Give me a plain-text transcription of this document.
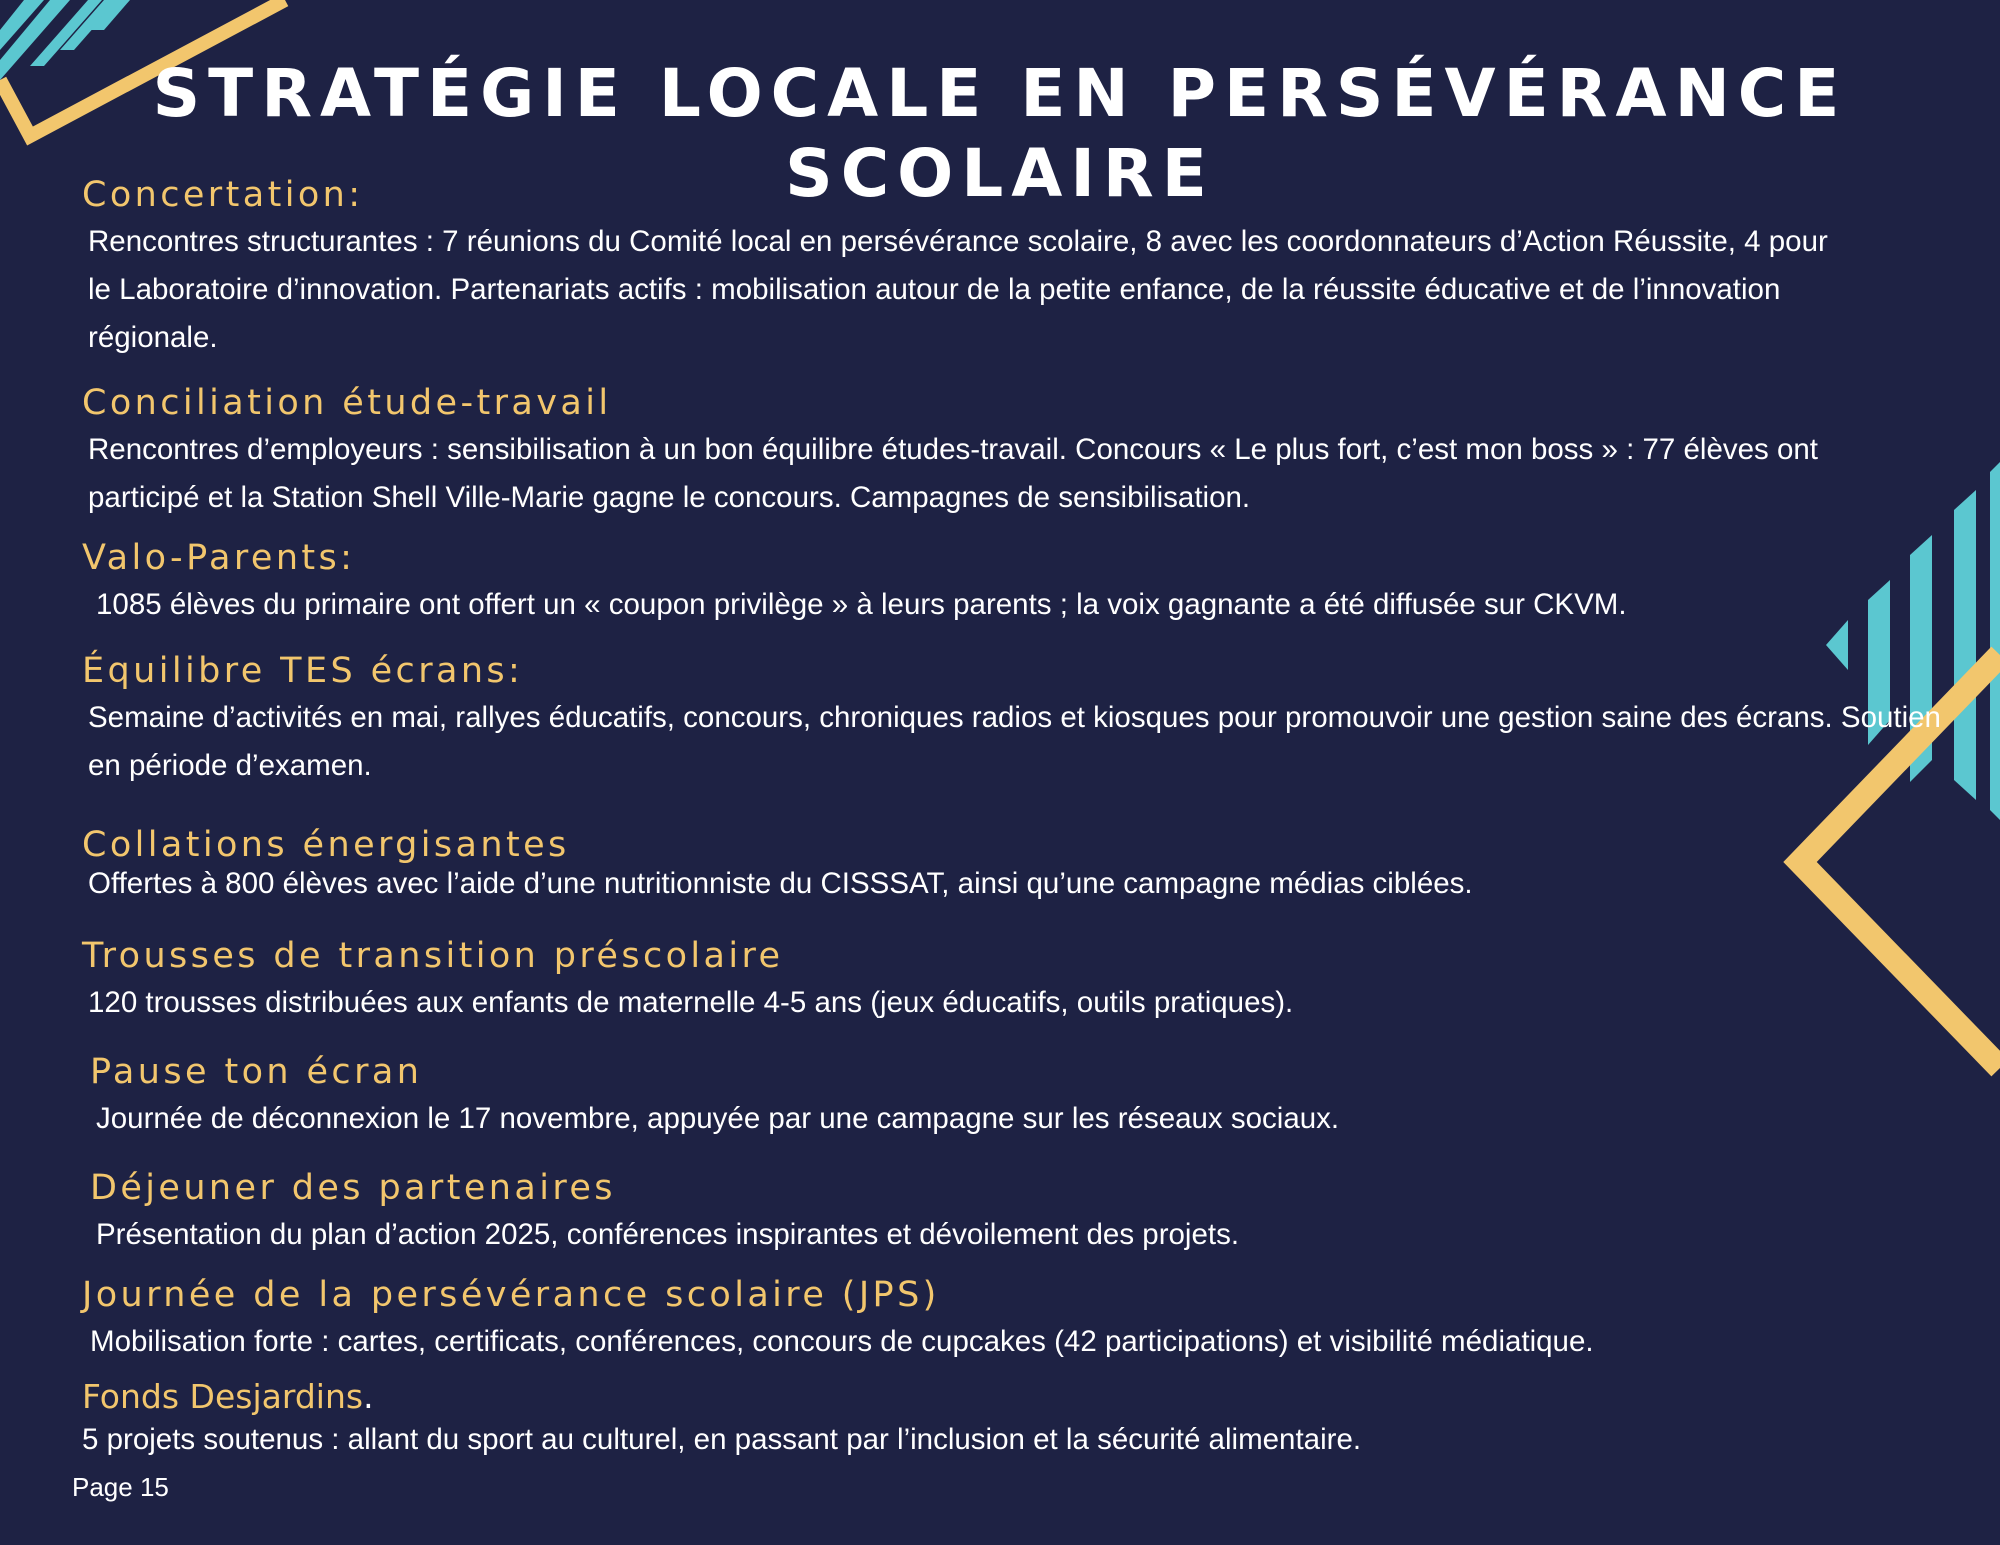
STRATÉGIE LOCALE EN PERSÉVÉRANCE SCOLAIRE
Concertation:
Rencontres structurantes : 7 réunions du Comité local en persévérance scolaire, 8 avec les coordonnateurs d’Action Réussite, 4 pour le Laboratoire d’innovation. Partenariats actifs : mobilisation autour de la petite enfance, de la réussite éducative et de l’innovation régionale.
Conciliation étude-travail
Rencontres d’employeurs : sensibilisation à un bon équilibre études-travail. Concours « Le plus fort, c’est mon boss » : 77 élèves ont participé et la Station Shell Ville-Marie gagne le concours. Campagnes de sensibilisation.
Valo-Parents:
1085 élèves du primaire ont offert un « coupon privilège » à leurs parents ; la voix gagnante a été diffusée sur CKVM.
Équilibre TES écrans:
Semaine d’activités en mai, rallyes éducatifs, concours, chroniques radios et kiosques pour promouvoir une gestion saine des écrans. Soutien en période d’examen.
Collations énergisantes
Offertes à 800 élèves avec l’aide d’une nutritionniste du CISSSAT, ainsi qu’une campagne médias ciblées.
Trousses de transition préscolaire
120 trousses distribuées aux enfants de maternelle 4-5 ans (jeux éducatifs, outils pratiques).
Pause ton écran
Journée de déconnexion le 17 novembre, appuyée par une campagne sur les réseaux sociaux.
Déjeuner des partenaires
Présentation du plan d’action 2025, conférences inspirantes et dévoilement des projets.
Journée de la persévérance scolaire (JPS)
Mobilisation forte : cartes, certificats, conférences, concours de cupcakes (42 participations) et visibilité médiatique.
Fonds Desjardins.
5 projets soutenus : allant du sport au culturel, en passant par l’inclusion et la sécurité alimentaire.
Page 15
